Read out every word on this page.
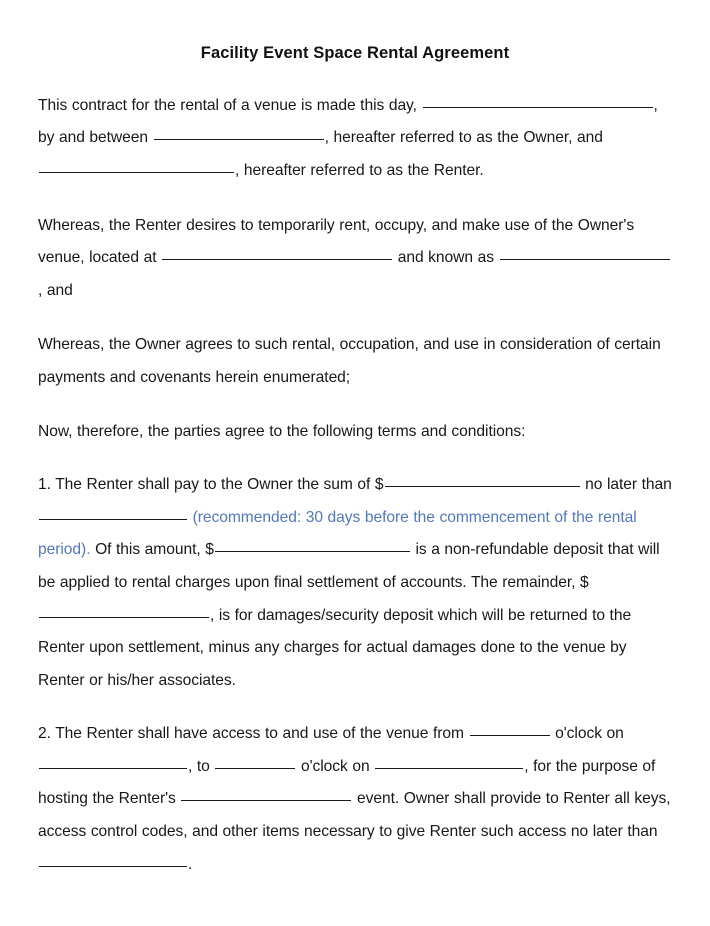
Facility Event Space Rental Agreement
This contract for the rental of a venue is made this day,	, by and between	, hereafter referred to as the Owner, and , hereafter referred to as the Renter.
Whereas, the Renter desires to temporarily rent, occupy, and make use of the Owner's venue, located at	and known as , and
Whereas, the Owner agrees to such rental, occupation, and use in consideration of certain payments and covenants herein enumerated;
Now, therefore, the parties agree to the following terms and conditions:
1. The Renter shall pay to the Owner the sum of $	no later than  (recommended: 30 days before the commencement of the rental period). Of this amount, $	is a non-refundable deposit that will be applied to rental charges upon final settlement of accounts. The remainder, $, is for damages/security deposit which will be returned to the Renter upon settlement, minus any charges for actual damages done to the venue by Renter or his/her associates.
2. The Renter shall have access to and use of the venue from	o'clock on , to	o'clock on	, for the purpose of hosting the Renter's	event. Owner shall provide to Renter all keys, access control codes, and other items necessary to give Renter such access no later than .
